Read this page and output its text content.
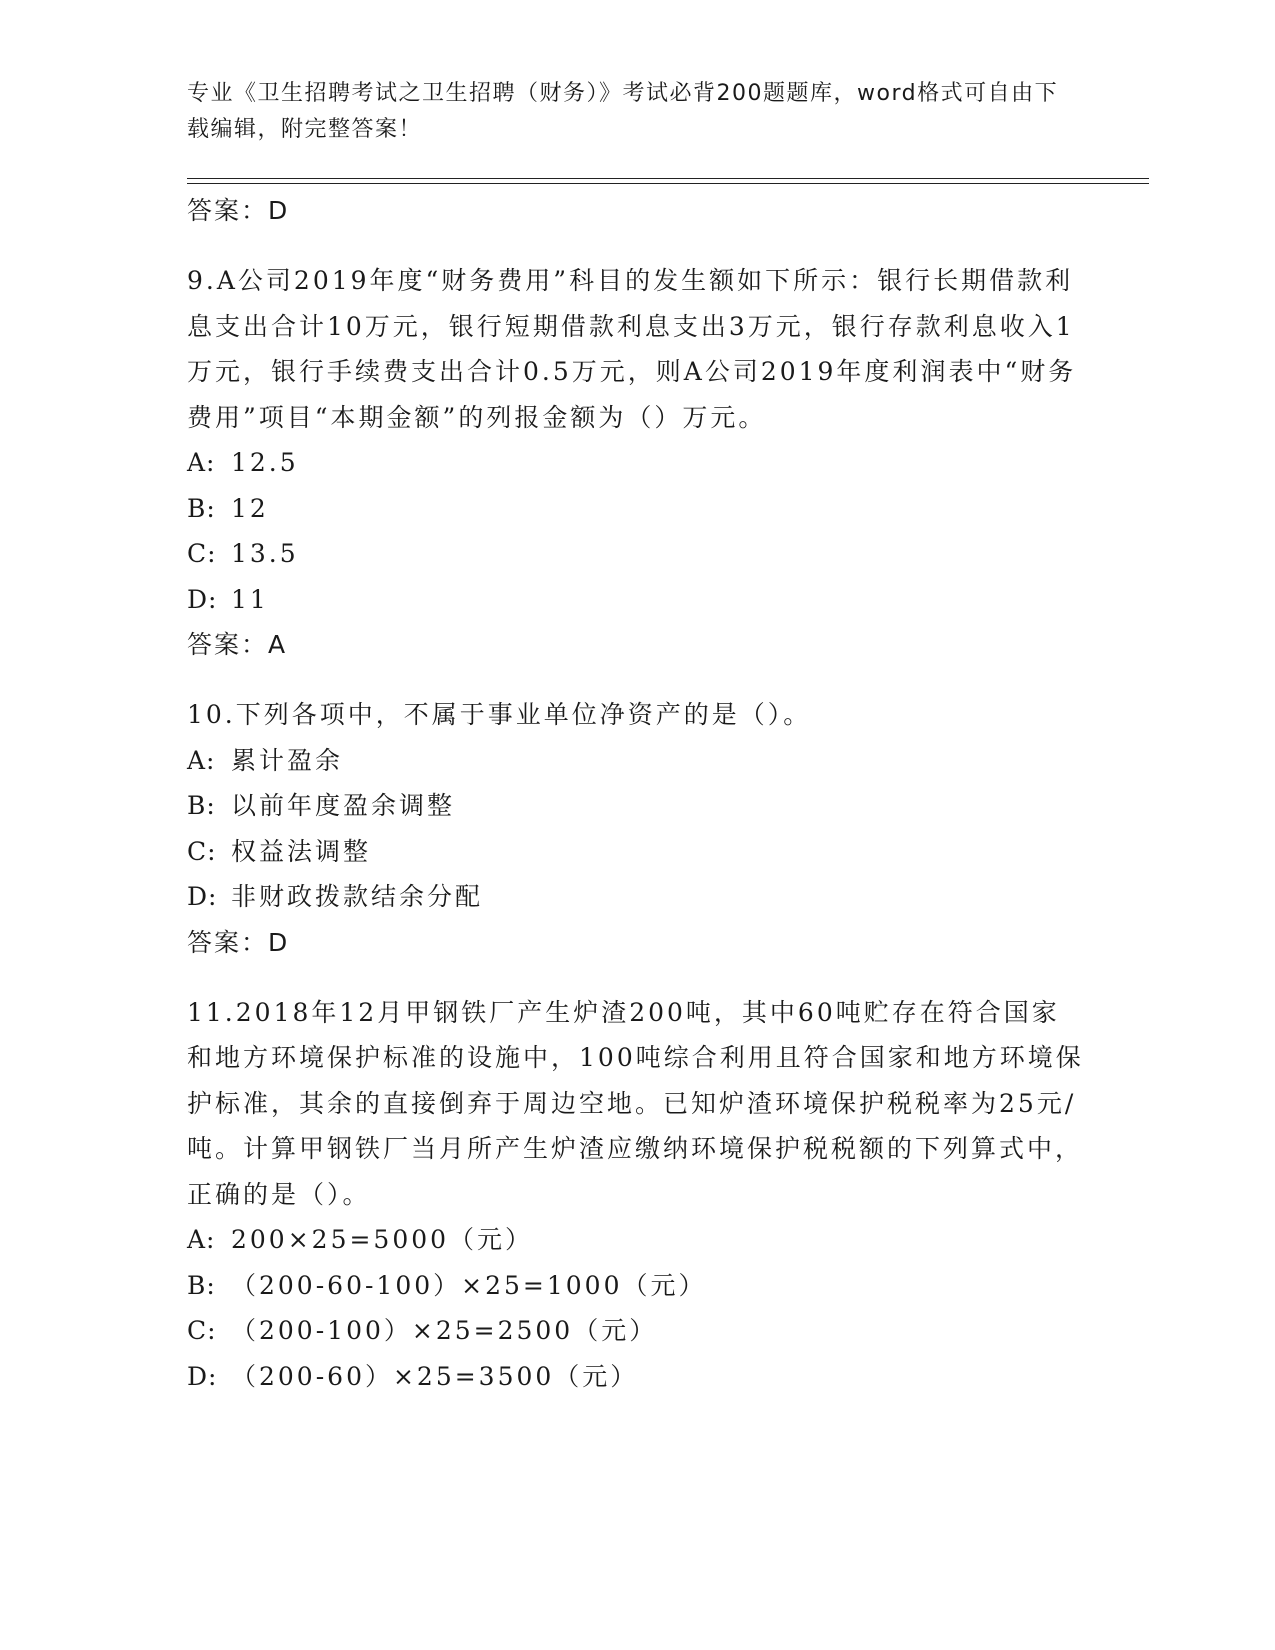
专业《卫生招聘考试之卫生招聘（财务）》考试必背200题题库，word格式可自由下载编辑，附完整答案！
答案：D
9.A公司2019年度“财务费用”科目的发生额如下所示：银行长期借款利息支出合计10万元，银行短期借款利息支出3万元，银行存款利息收入1万元，银行手续费支出合计0.5万元，则A公司2019年度利润表中“财务费用”项目“本期金额”的列报金额为（）万元。
A: 12.5
B: 12
C: 13.5
D: 11
答案：A
10.下列各项中，不属于事业单位净资产的是（）。
A: 累计盈余
B: 以前年度盈余调整
C: 权益法调整
D: 非财政拨款结余分配
答案：D
11.2018年12月甲钢铁厂产生炉渣200吨，其中60吨贮存在符合国家和地方环境保护标准的设施中，100吨综合利用且符合国家和地方环境保护标准，其余的直接倒弃于周边空地。已知炉渣环境保护税税率为25元/吨。计算甲钢铁厂当月所产生炉渣应缴纳环境保护税税额的下列算式中，正确的是（）。
A: 200×25=5000（元）
B: （200-60-100）×25=1000（元）
C: （200-100）×25=2500（元）
D: （200-60）×25=3500（元）
